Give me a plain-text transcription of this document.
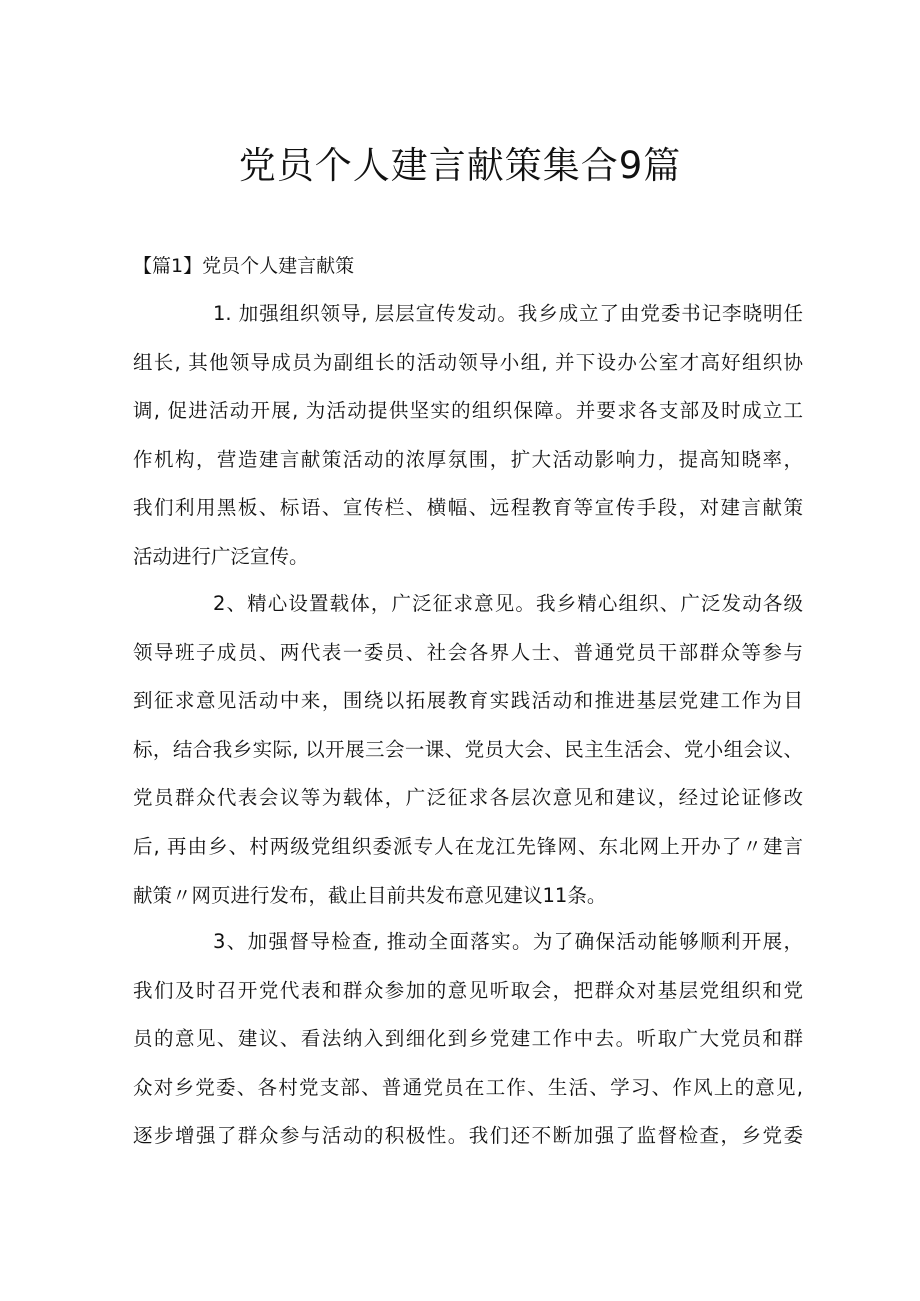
党员个人建言献策集合9篇
【篇1】党员个人建言献策
1. 加强组织领导, 层层宣传发动。我乡成立了由党委书记李晓明任
组长, 其他领导成员为副组长的活动领导小组, 并下设办公室才高好组织协
调, 促进活动开展, 为活动提供坚实的组织保障。并要求各支部及时成立工
作机构，营造建言献策活动的浓厚氛围，扩大活动影响力，提高知晓率，
我们利用黑板、标语、宣传栏、横幅、远程教育等宣传手段，对建言献策
活动进行广泛宣传。
2、精心设置载体，广泛征求意见。我乡精心组织、广泛发动各级
领导班子成员、两代表一委员、社会各界人士、普通党员干部群众等参与
到征求意见活动中来，围绕以拓展教育实践活动和推进基层党建工作为目
标，结合我乡实际, 以开展三会一课、党员大会、民主生活会、党小组会议、
党员群众代表会议等为载体，广泛征求各层次意见和建议，经过论证修改
后, 再由乡、村两级党组织委派专人在龙江先锋网、东北网上开办了〃建言
献策〃网页进行发布，截止目前共发布意见建议11条。
3、加强督导检查, 推动全面落实。为了确保活动能够顺利开展，
我们及时召开党代表和群众参加的意见听取会，把群众对基层党组织和党
员的意见、建议、看法纳入到细化到乡党建工作中去。听取广大党员和群
众对乡党委、各村党支部、普通党员在工作、生活、学习、作风上的意见,
逐步增强了群众参与活动的积极性。我们还不断加强了监督检查，乡党委
